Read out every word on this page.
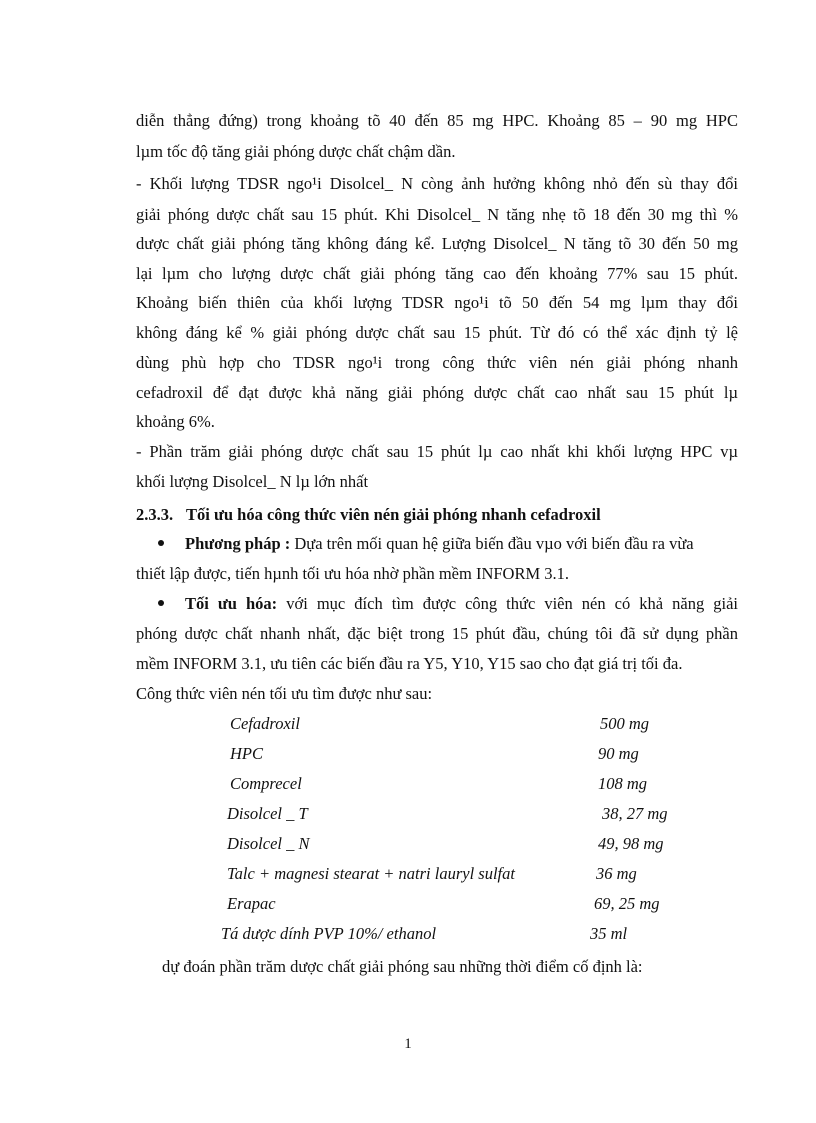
diễn thẳng đứng) trong khoảng tõ 40 đến 85 mg HPC. Khoảng 85 – 90 mg HPC
lµm tốc độ tăng giải phóng dược chất chậm dần.
- Khối lượng TDSR ngo¹i Disolcel_ N còng ảnh hưởng không nhỏ đến sù thay đổi
giải phóng dược chất sau 15 phút. Khi Disolcel_ N tăng nhẹ tõ 18 đến 30 mg thì %
dược chất giải phóng tăng không đáng kể. Lượng Disolcel_ N tăng tõ 30 đến 50 mg
lại lµm cho lượng dược chất giải phóng tăng cao đến khoảng 77% sau 15 phút.
Khoảng biến thiên của khối lượng TDSR ngo¹i tõ 50 đến 54 mg lµm thay đổi
không đáng kể % giải phóng dược chất sau 15 phút. Từ đó có thể xác định tỷ lệ
dùng phù hợp cho TDSR ngo¹i trong công thức viên nén giải phóng nhanh
cefadroxil để đạt được khả năng giải phóng dược chất cao nhất sau 15 phút lµ
khoảng 6%.
- Phần trăm giải phóng dược chất sau 15 phút lµ cao nhất khi khối lượng HPC vµ
khối lượng Disolcel_ N lµ lớn nhất
2.3.3. Tối ưu hóa công thức viên nén giải phóng nhanh cefadroxil
Phương pháp : Dựa trên mối quan hệ giữa biến đầu vµo với biến đầu ra vừa
thiết lập được, tiến hµnh tối ưu hóa nhờ phần mềm INFORM 3.1.
Tối ưu hóa: với mục đích tìm được công thức viên nén có khả năng giải
phóng dược chất nhanh nhất, đặc biệt trong 15 phút đầu, chúng tôi đã sử dụng phần
mềm INFORM 3.1, ưu tiên các biến đầu ra Y5, Y10, Y15 sao cho đạt giá trị tối đa.
Công thức viên nén tối ưu tìm được như sau:
Cefadroxil	500 mg
HPC	90 mg
Comprecel	108 mg
Disolcel _ T	38, 27 mg
Disolcel _ N	49, 98 mg
Talc + magnesi stearat + natri lauryl sulfat	36 mg
Erapac	69, 25 mg
Tá dược dính PVP 10%/ ethanol	35 ml
dự đoán phần trăm dược chất giải phóng sau những thời điểm cố định là:
1
